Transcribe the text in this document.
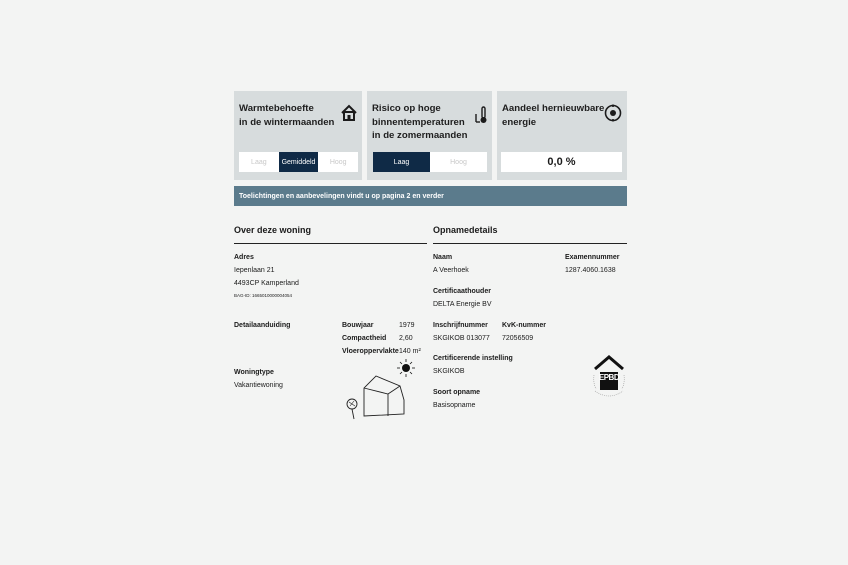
Warmtebehoefte
in de wintermaanden
Laag	Gemiddeld	Hoog
Risico op hoge
binnentemperaturen
in de zomermaanden
Laag	Hoog
Aandeel hernieuwbare
energie
0,0 %
Toelichtingen en aanbevelingen vindt u op pagina 2 en verder
Over deze woning
Adres
Iepenlaan 21
4493CP Kamperland
BAG-ID: 1665010000004054
Detailaanduiding	Bouwjaar	1979
Compactheid 2,60
Vloeroppervlakte 140 m²
Woningtype
Vakantiewoning
Opnamedetails
Naam
A Veerhoek
Examennummer
1287.4060.1638
Certificaathouder
DELTA Energie BV
Inschrijfnummer
SKGIKOB 013077
KvK-nummer
72056509
Certificerende instelling
SKGIKOB
Soort opname
Basisopname
EPBD
